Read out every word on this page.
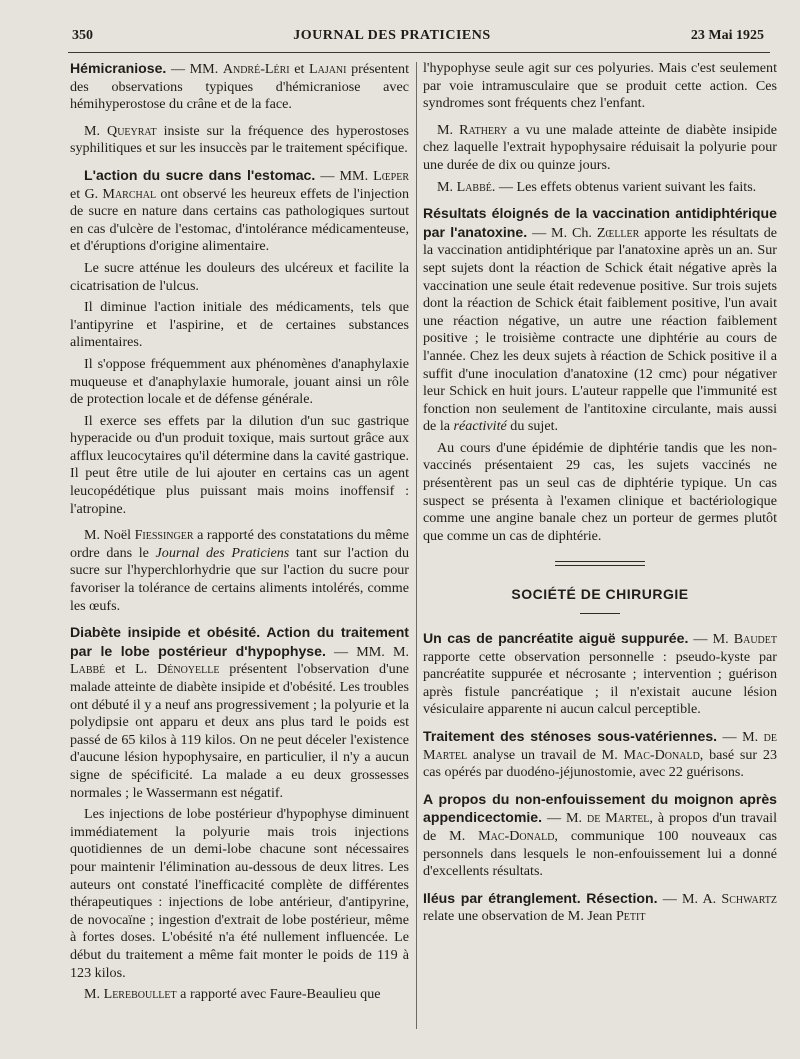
350	JOURNAL DES PRATICIENS	23 Mai 1925

Hémicraniose. — MM. André-Léri et Lajani présentent des observations typiques d'hémicraniose avec hémihyperostose du crâne et de la face.

M. Queyrat insiste sur la fréquence des hyperostoses syphilitiques et sur les insuccès par le traitement spécifique.

L'action du sucre dans l'estomac. — MM. Lœper et G. Marchal ont observé les heureux effets de l'injection de sucre en nature dans certains cas pathologiques surtout en cas d'ulcère de l'estomac, d'intolérance médicamenteuse, et d'éruptions d'origine alimentaire.

Le sucre atténue les douleurs des ulcéreux et facilite la cicatrisation de l'ulcus.

Il diminue l'action initiale des médicaments, tels que l'antipyrine et l'aspirine, et de certaines substances alimentaires.

Il s'oppose fréquemment aux phénomènes d'anaphylaxie muqueuse et d'anaphylaxie humorale, jouant ainsi un rôle de protection locale et de défense générale.

Il exerce ses effets par la dilution d'un suc gastrique hyperacide ou d'un produit toxique, mais surtout grâce aux afflux leucocytaires qu'il détermine dans la cavité gastrique. Il peut être utile de lui ajouter en certains cas un agent leucopédétique plus puissant mais moins inoffensif : l'atropine.

M. Noël Fiessinger a rapporté des constatations du même ordre dans le Journal des Praticiens tant sur l'action du sucre sur l'hyperchlorhydrie que sur l'action du sucre pour favoriser la tolérance de certains aliments intolérés, comme les œufs.

Diabète insipide et obésité. Action du traitement par le lobe postérieur d'hypophyse. — MM. M. Labbé et L. Dénoyelle présentent l'observation d'une malade atteinte de diabète insipide et d'obésité. Les troubles ont débuté il y a neuf ans progressivement ; la polyurie et la polydipsie ont apparu et deux ans plus tard le poids est passé de 65 kilos à 119 kilos. On ne peut déceler l'existence d'aucune lésion hypophysaire, en particulier, il n'y a aucun signe de spécificité. La malade a eu deux grossesses normales ; le Wassermann est négatif.

Les injections de lobe postérieur d'hypophyse diminuent immédiatement la polyurie mais trois injections quotidiennes de un demi-lobe chacune sont nécessaires pour maintenir l'élimination au-dessous de deux litres. Les auteurs ont constaté l'inefficacité complète de différentes thérapeutiques : injections de lobe antérieur, d'antipyrine, de novocaïne ; ingestion d'extrait de lobe postérieur, même à fortes doses. L'obésité n'a été nullement influencée. Le début du traitement a même fait monter le poids de 119 à 123 kilos.

M. Lereboullet a rapporté avec Faure-Beaulieu que

l'hypophyse seule agit sur ces polyuries. Mais c'est seulement par voie intramusculaire que se produit cette action. Ces syndromes sont fréquents chez l'enfant.

M. Rathery a vu une malade atteinte de diabète insipide chez laquelle l'extrait hypophysaire réduisait la polyurie pour une durée de dix ou quinze jours.

M. Labbé. — Les effets obtenus varient suivant les faits.

Résultats éloignés de la vaccination antidiphtérique par l'anatoxine. — M. Ch. Zœller apporte les résultats de la vaccination antidiphtérique par l'anatoxine après un an. Sur sept sujets dont la réaction de Schick était négative après la vaccination une seule était redevenue positive. Sur trois sujets dont la réaction de Schick était faiblement positive, l'un avait une réaction négative, un autre une réaction faiblement positive ; le troisième contracte une diphtérie au cours de l'année. Chez les deux sujets à réaction de Schick positive il a suffit d'une inoculation d'anatoxine (12 cmc) pour négativer leur Schick en huit jours. L'auteur rappelle que l'immunité est fonction non seulement de l'antitoxine circulante, mais aussi de la réactivité du sujet.

Au cours d'une épidémie de diphtérie tandis que les non-vaccinés présentaient 29 cas, les sujets vaccinés ne présentèrent pas un seul cas de diphtérie typique. Un cas suspect se présenta à l'examen clinique et bactériologique comme une angine banale chez un porteur de germes plutôt que comme un cas de diphtérie.

SOCIÉTÉ DE CHIRURGIE

Un cas de pancréatite aiguë suppurée. — M. Baudet rapporte cette observation personnelle : pseudo-kyste par pancréatite suppurée et nécrosante ; intervention ; guérison après fistule pancréatique ; il n'existait aucune lésion vésiculaire apparente ni aucun calcul perceptible.

Traitement des sténoses sous-vatériennes. — M. de Martel analyse un travail de M. Mac-Donald, basé sur 23 cas opérés par duodéno-jéjunostomie, avec 22 guérisons.

A propos du non-enfouissement du moignon après appendicectomie. — M. de Martel, à propos d'un travail de M. Mac-Donald, communique 100 nouveaux cas personnels dans lesquels le non-enfouissement lui a donné d'excellents résultats.

Iléus par étranglement. Résection. — M. A. Schwartz relate une observation de M. Jean Petit
